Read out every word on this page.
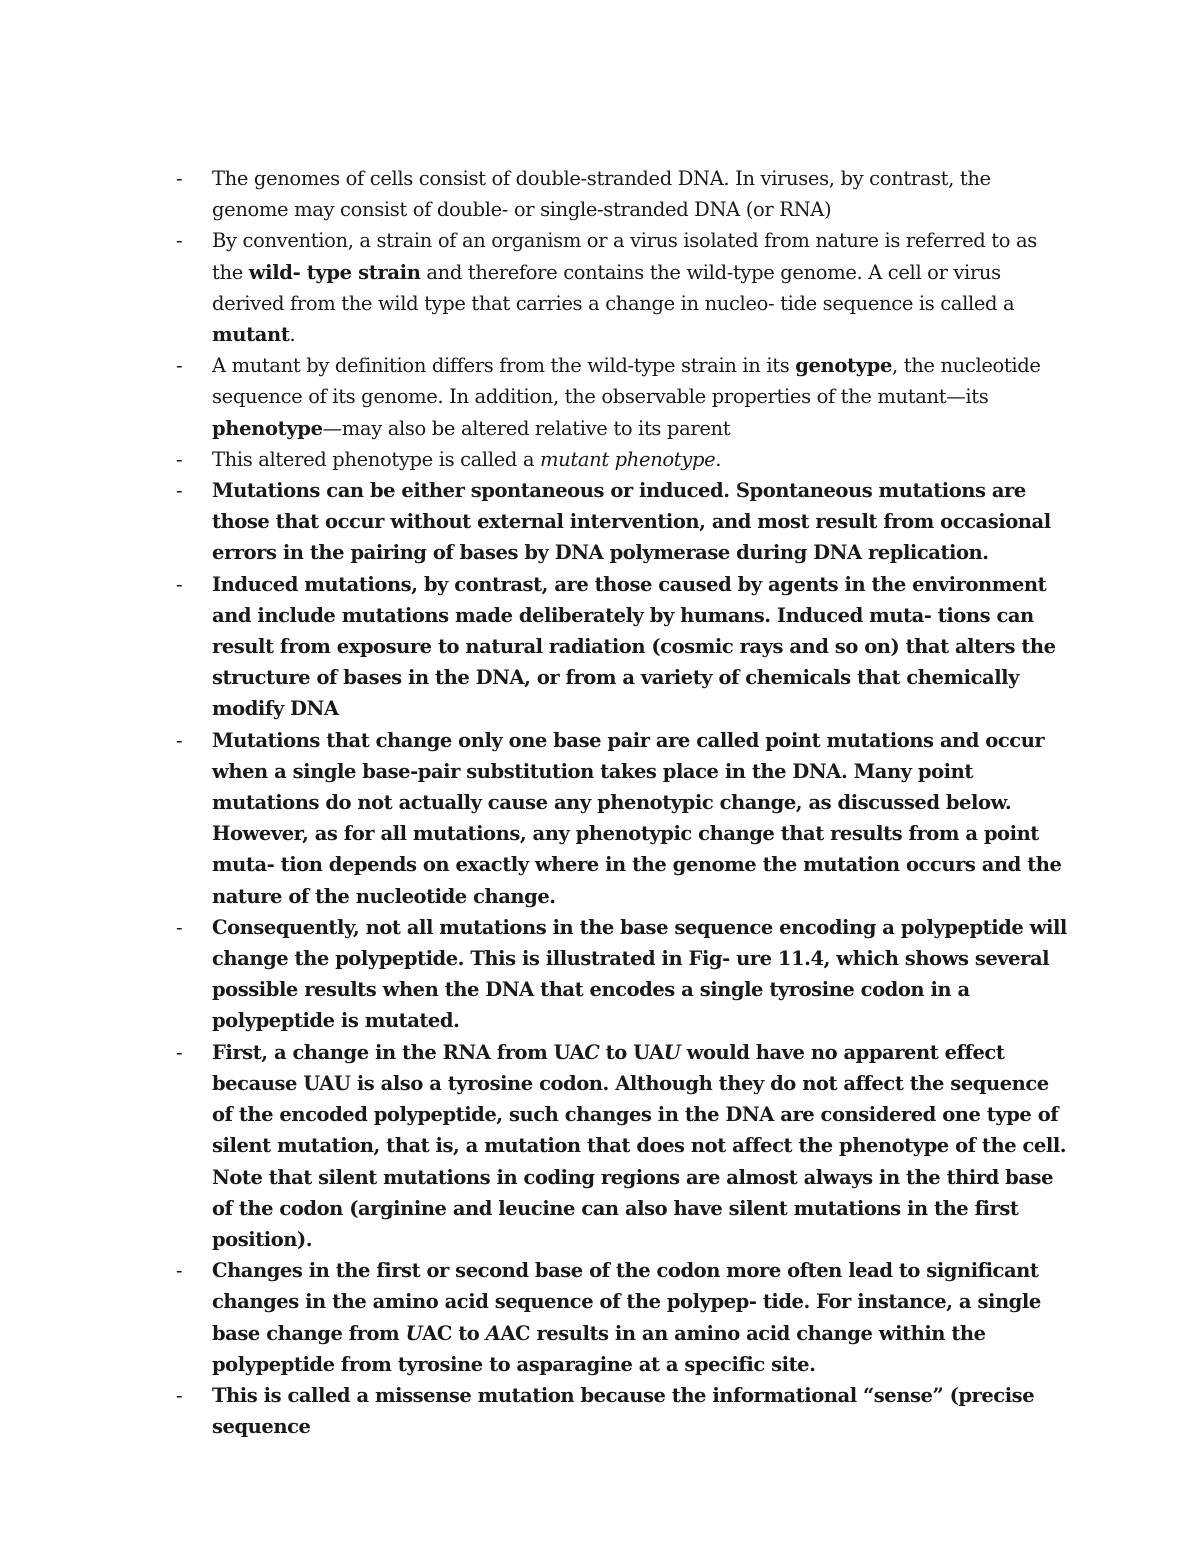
- The genomes of cells consist of double-stranded DNA. In viruses, by contrast, the genome may consist of double- or single-stranded DNA (or RNA)
- By convention, a strain of an organism or a virus isolated from nature is referred to as the wild- type strain and therefore contains the wild-type genome. A cell or virus derived from the wild type that carries a change in nucleo- tide sequence is called a mutant.
- A mutant by definition differs from the wild-type strain in its genotype, the nucleotide sequence of its genome. In addition, the observable properties of the mutant—its phenotype—may also be altered relative to its parent
- This altered phenotype is called a mutant phenotype.
- Mutations can be either spontaneous or induced. Spontaneous mutations are those that occur without external intervention, and most result from occasional errors in the pairing of bases by DNA polymerase during DNA replication.
- Induced mutations, by contrast, are those caused by agents in the environment and include mutations made deliberately by humans. Induced muta- tions can result from exposure to natural radiation (cosmic rays and so on) that alters the structure of bases in the DNA, or from a variety of chemicals that chemically modify DNA
- Mutations that change only one base pair are called point mutations and occur when a single base-pair substitution takes place in the DNA. Many point mutations do not actually cause any phenotypic change, as discussed below. However, as for all mutations, any phenotypic change that results from a point muta- tion depends on exactly where in the genome the mutation occurs and the nature of the nucleotide change.
- Consequently, not all mutations in the base sequence encoding a polypeptide will change the polypeptide. This is illustrated in Fig- ure 11.4, which shows several possible results when the DNA that encodes a single tyrosine codon in a polypeptide is mutated.
- First, a change in the RNA from UAC to UAU would have no apparent effect because UAU is also a tyrosine codon. Although they do not affect the sequence of the encoded polypeptide, such changes in the DNA are considered one type of silent mutation, that is, a mutation that does not affect the phenotype of the cell. Note that silent mutations in coding regions are almost always in the third base of the codon (arginine and leucine can also have silent mutations in the first position).
- Changes in the first or second base of the codon more often lead to significant changes in the amino acid sequence of the polypep- tide. For instance, a single base change from UAC to AAC results in an amino acid change within the polypeptide from tyrosine to asparagine at a specific site.
- This is called a missense mutation because the informational “sense” (precise sequence
